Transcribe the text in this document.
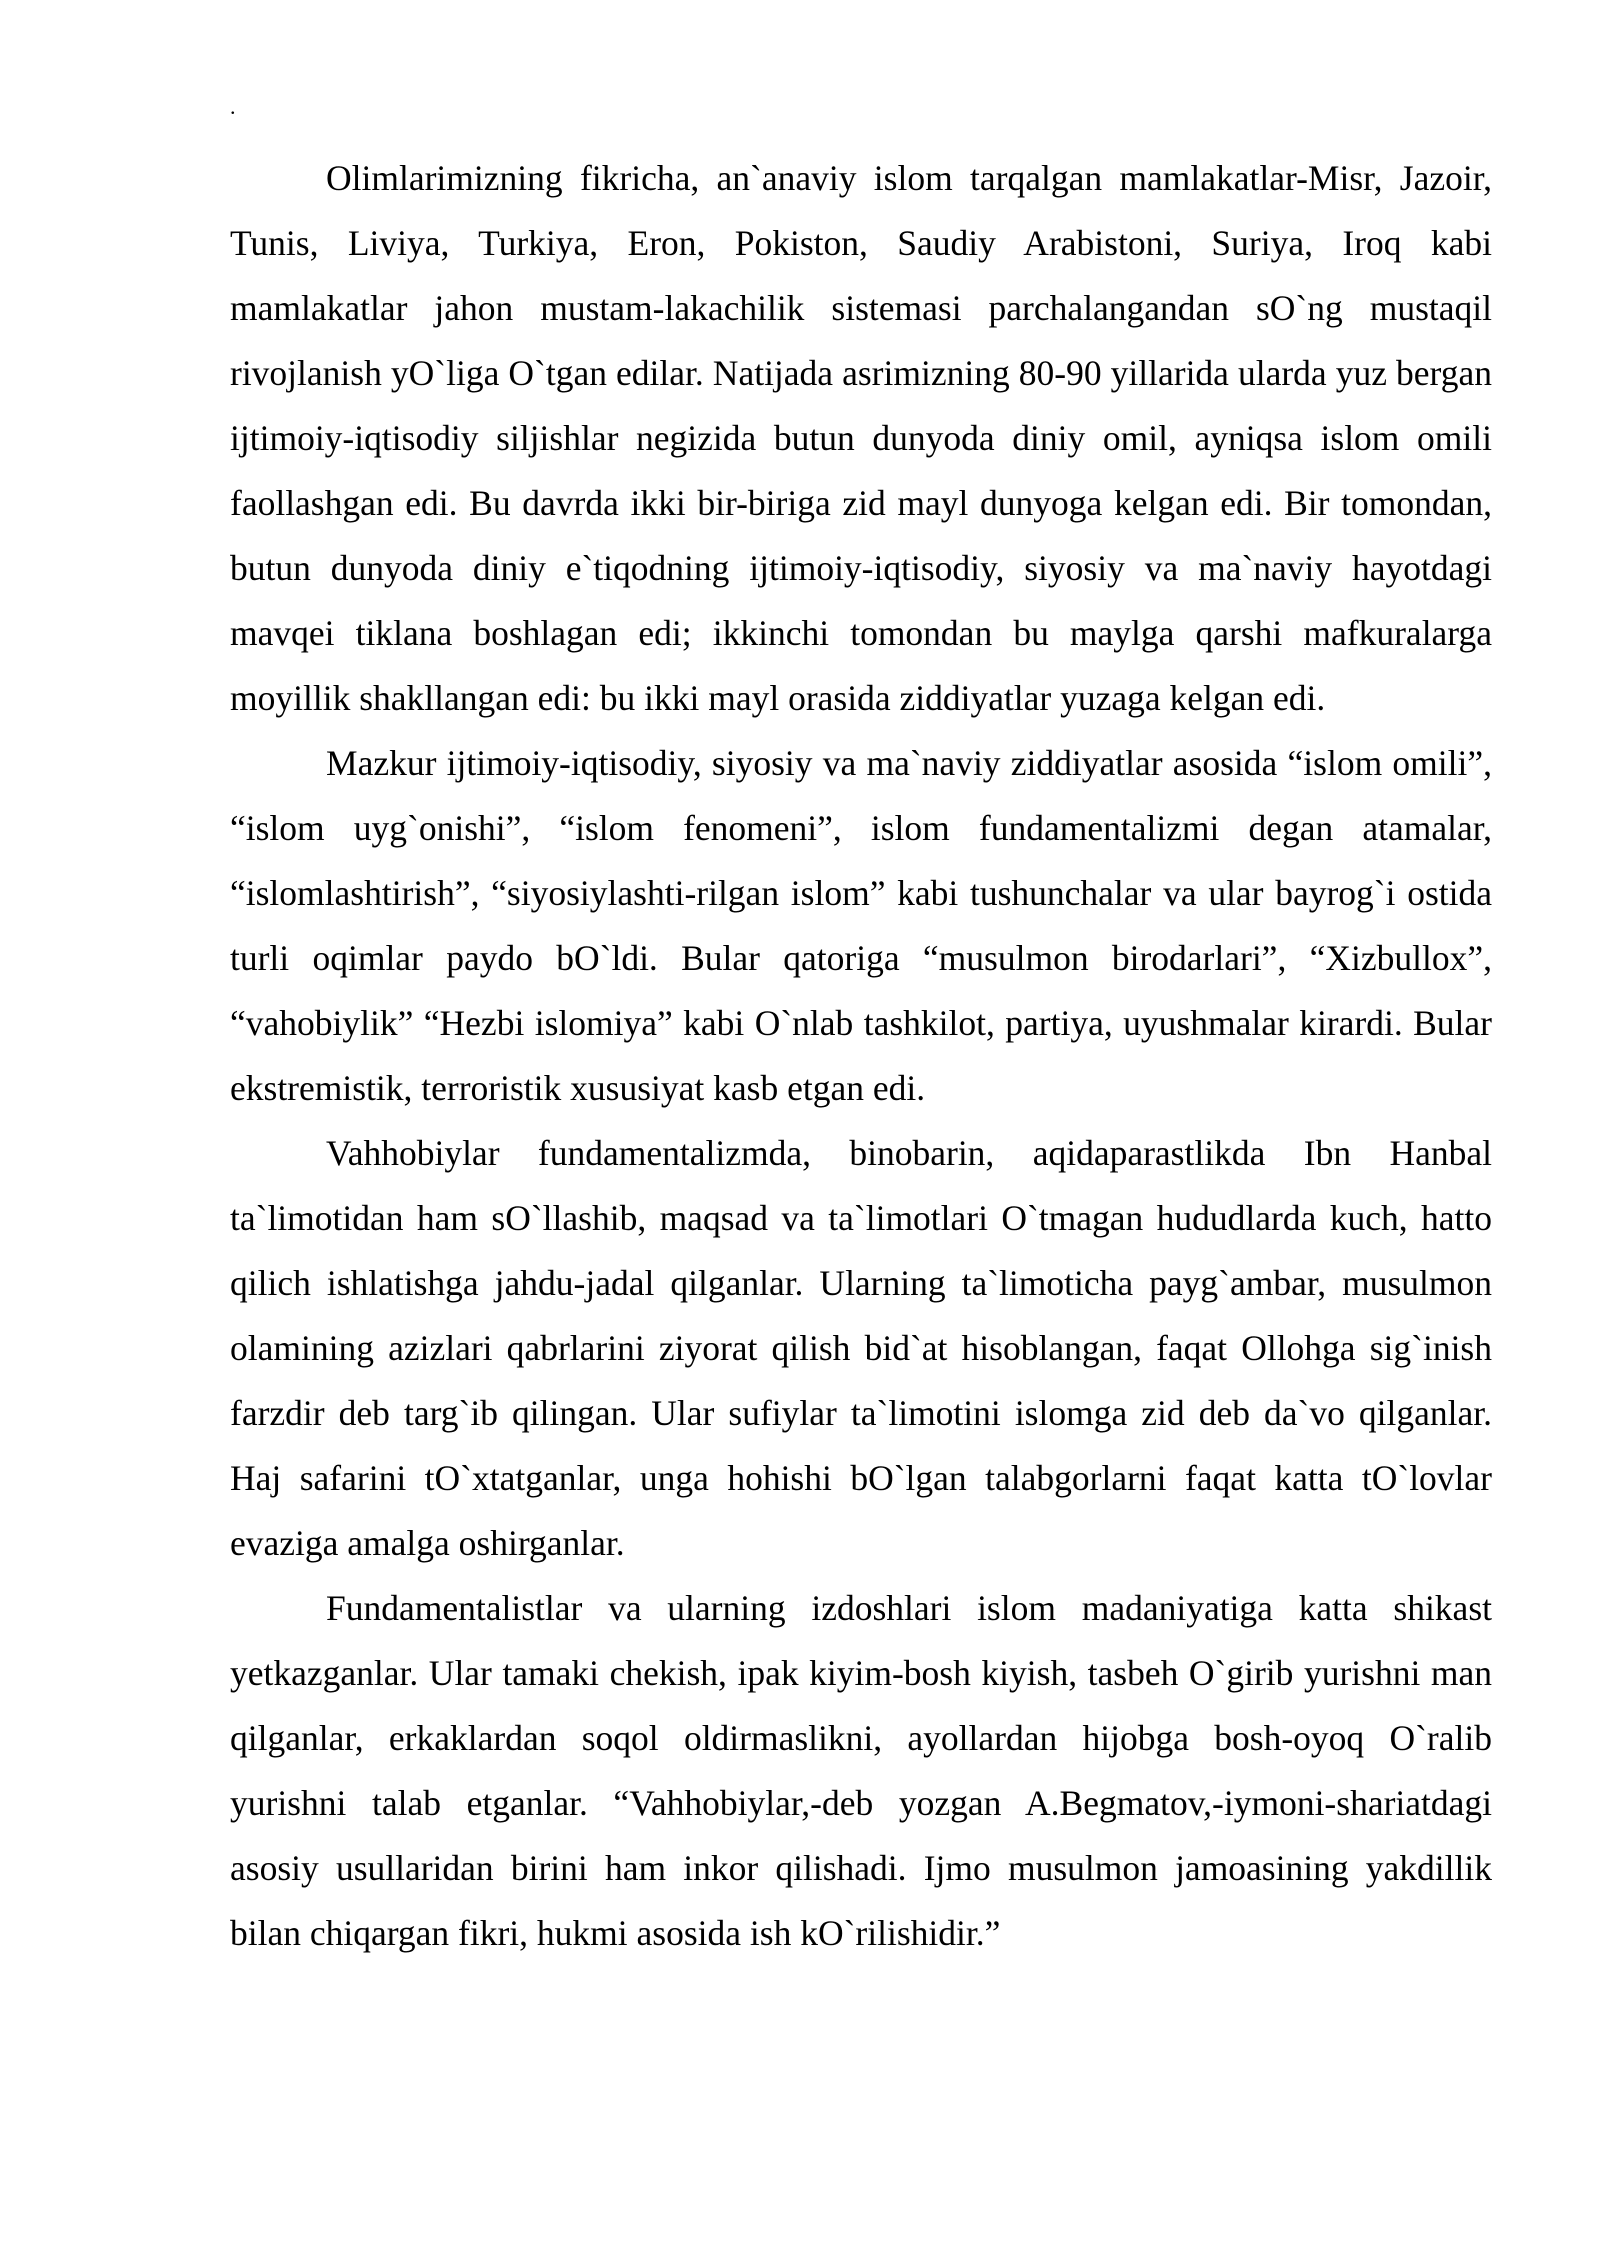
.

Olimlarimizning fikricha, an`anaviy islom tarqalgan mamlakatlar-Misr, Jazoir, Tunis, Liviya, Turkiya, Eron, Pokiston, Saudiy Arabistoni, Suriya, Iroq kabi mamlakatlar jahon mustam-lakachilik sistemasi parchalangandan sO`ng mustaqil rivojlanish yO`liga O`tgan edilar. Natijada asrimizning 80-90 yillarida ularda yuz bergan ijtimoiy-iqtisodiy siljishlar negizida butun dunyoda diniy omil, ayniqsa islom omili faollashgan edi. Bu davrda ikki bir-biriga zid mayl dunyoga kelgan edi. Bir tomondan, butun dunyoda diniy e`tiqodning ijtimoiy-iqtisodiy, siyosiy va ma`naviy hayotdagi mavqei tiklana boshlagan edi; ikkinchi tomondan bu maylga qarshi mafkuralarga moyillik shakllangan edi: bu ikki mayl orasida ziddiyatlar yuzaga kelgan edi.

Mazkur ijtimoiy-iqtisodiy, siyosiy va ma`naviy ziddiyatlar asosida “islom omili”, “islom uyg`onishi”, “islom fenomeni”, islom fundamentalizmi degan atamalar, “islomlashtirish”, “siyosiylashti-rilgan islom” kabi tushunchalar va ular bayrog`i ostida turli oqimlar paydo bO`ldi. Bular qatoriga “musulmon birodarlari”, “Xizbullox”, “vahobiylik” “Hezbi islomiya” kabi O`nlab tashkilot, partiya, uyushmalar kirardi. Bular ekstremistik, terroristik xususiyat kasb etgan edi.

Vahhobiylar fundamentalizmda, binobarin, aqidaparastlikda Ibn Hanbal ta`limotidan ham sO`llashib, maqsad va ta`limotlari O`tmagan hududlarda kuch, hatto qilich ishlatishga jahdu-jadal qilganlar. Ularning ta`limoticha payg`ambar, musulmon olamining azizlari qabrlarini ziyorat qilish bid`at hisoblangan, faqat Ollohga sig`inish farzdir deb targ`ib qilingan. Ular sufiylar ta`limotini islomga zid deb da`vo qilganlar. Haj safarini tO`xtatganlar, unga hohishi bO`lgan talabgorlarni faqat katta tO`lovlar evaziga amalga oshirganlar.

Fundamentalistlar va ularning izdoshlari islom madaniyatiga katta shikast yetkazganlar. Ular tamaki chekish, ipak kiyim-bosh kiyish, tasbeh O`girib yurishni man qilganlar, erkaklardan soqol oldirmaslikni, ayollardan hijobga bosh-oyoq O`ralib yurishni talab etganlar. “Vahhobiylar,-deb yozgan A.Begmatov,-iymoni-shariatdagi asosiy usullaridan birini ham inkor qilishadi. Ijmo musulmon jamoasining yakdillik bilan chiqargan fikri, hukmi asosida ish kO`rilishidir.”
